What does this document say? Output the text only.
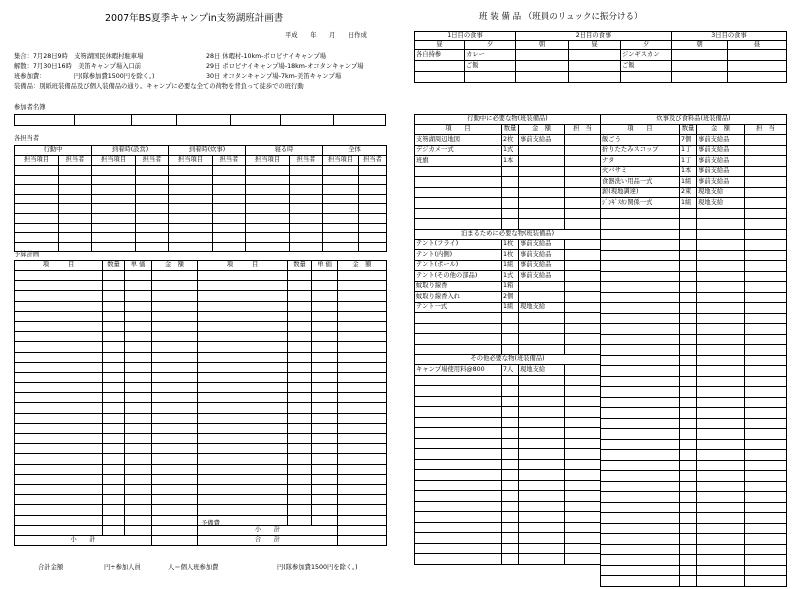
2007年BS夏季キャンプin支笏湖班計画書
平成　　年　　月　　日作成
集合：7月28日9時　支笏湖国民休暇村駐車場	28日 休暇村-10km-ポロピナイキャンプ場
解散：7月30日16時　美笛キャンプ場入口前	29日 ポロピナイキャンプ場-18km-オコタンキャンプ場
班参加費：　　　　　円(隊参加費1500円を除く。)	30日 オコタンキャンプ場-7km-美笛キャンプ場
装備品：別紙班装備品及び個人装備品の通り。キャンプに必要な全ての荷物を背負って徒歩での班行動
参加者名簿
各担当者
行動中		到着時(設営)		到着時(炊事)		寝る時		全体	
担当項目	担当者	担当項目	担当者	担当項目	担当者	担当項目	担当者	担当項目	担当者

予算計画
項　　　目	数量	単 価	金　額	項　　　目	数量	単 価	金　額

				小　　計			
小　　計				合　　計			
予備費
合計金額	円÷参加人員	人＝個人班参加費	円(隊参加費1500円を除く。)
班 装 備 品 （班員のリュックに振分ける）
1日目の食事		2日目の食事			3日目の食事	
昼	夕	朝	昼	夕	朝	昼
各自持参	カレー			ジンギスカン		
	ご飯			ご飯		

行動中に必要な物(班装備品)			
項　　目	数量	金　額	担　当
支笏湖周辺地図	2枚	事前支給品	
デジカメ一式	1式		
班旗	1本		

泊まるために必要な物(班装備品)			
テント(フライ)	1枚	事前支給品	
テント(内側)	1枚	事前支給品	
テント(ポール)	1組	事前支給品	
テント(その他の部品)	1式	事前支給品	
蚊取り線香	1箱		
蚊取り線香入れ	2個		
テント一式	1組	現地支給	

その他必要な物(班装備品)			
キャンプ場使用料@800	7人	現地支給	

炊事及び食料品(班装備品)			
項　　目	数量	金　額	担　当
飯ごう	7個	事前支給品	
折りたたみスコップ	1丁	事前支給品	
ナタ	1丁	事前支給品	
火バサミ	1本	事前支給品	
食器洗い用品一式	1組	事前支給品	
薪(現地調達)	2束	現地支給	
ｼﾞﾝｷﾞｽｶﾝ関係一式	1組	現地支給	
